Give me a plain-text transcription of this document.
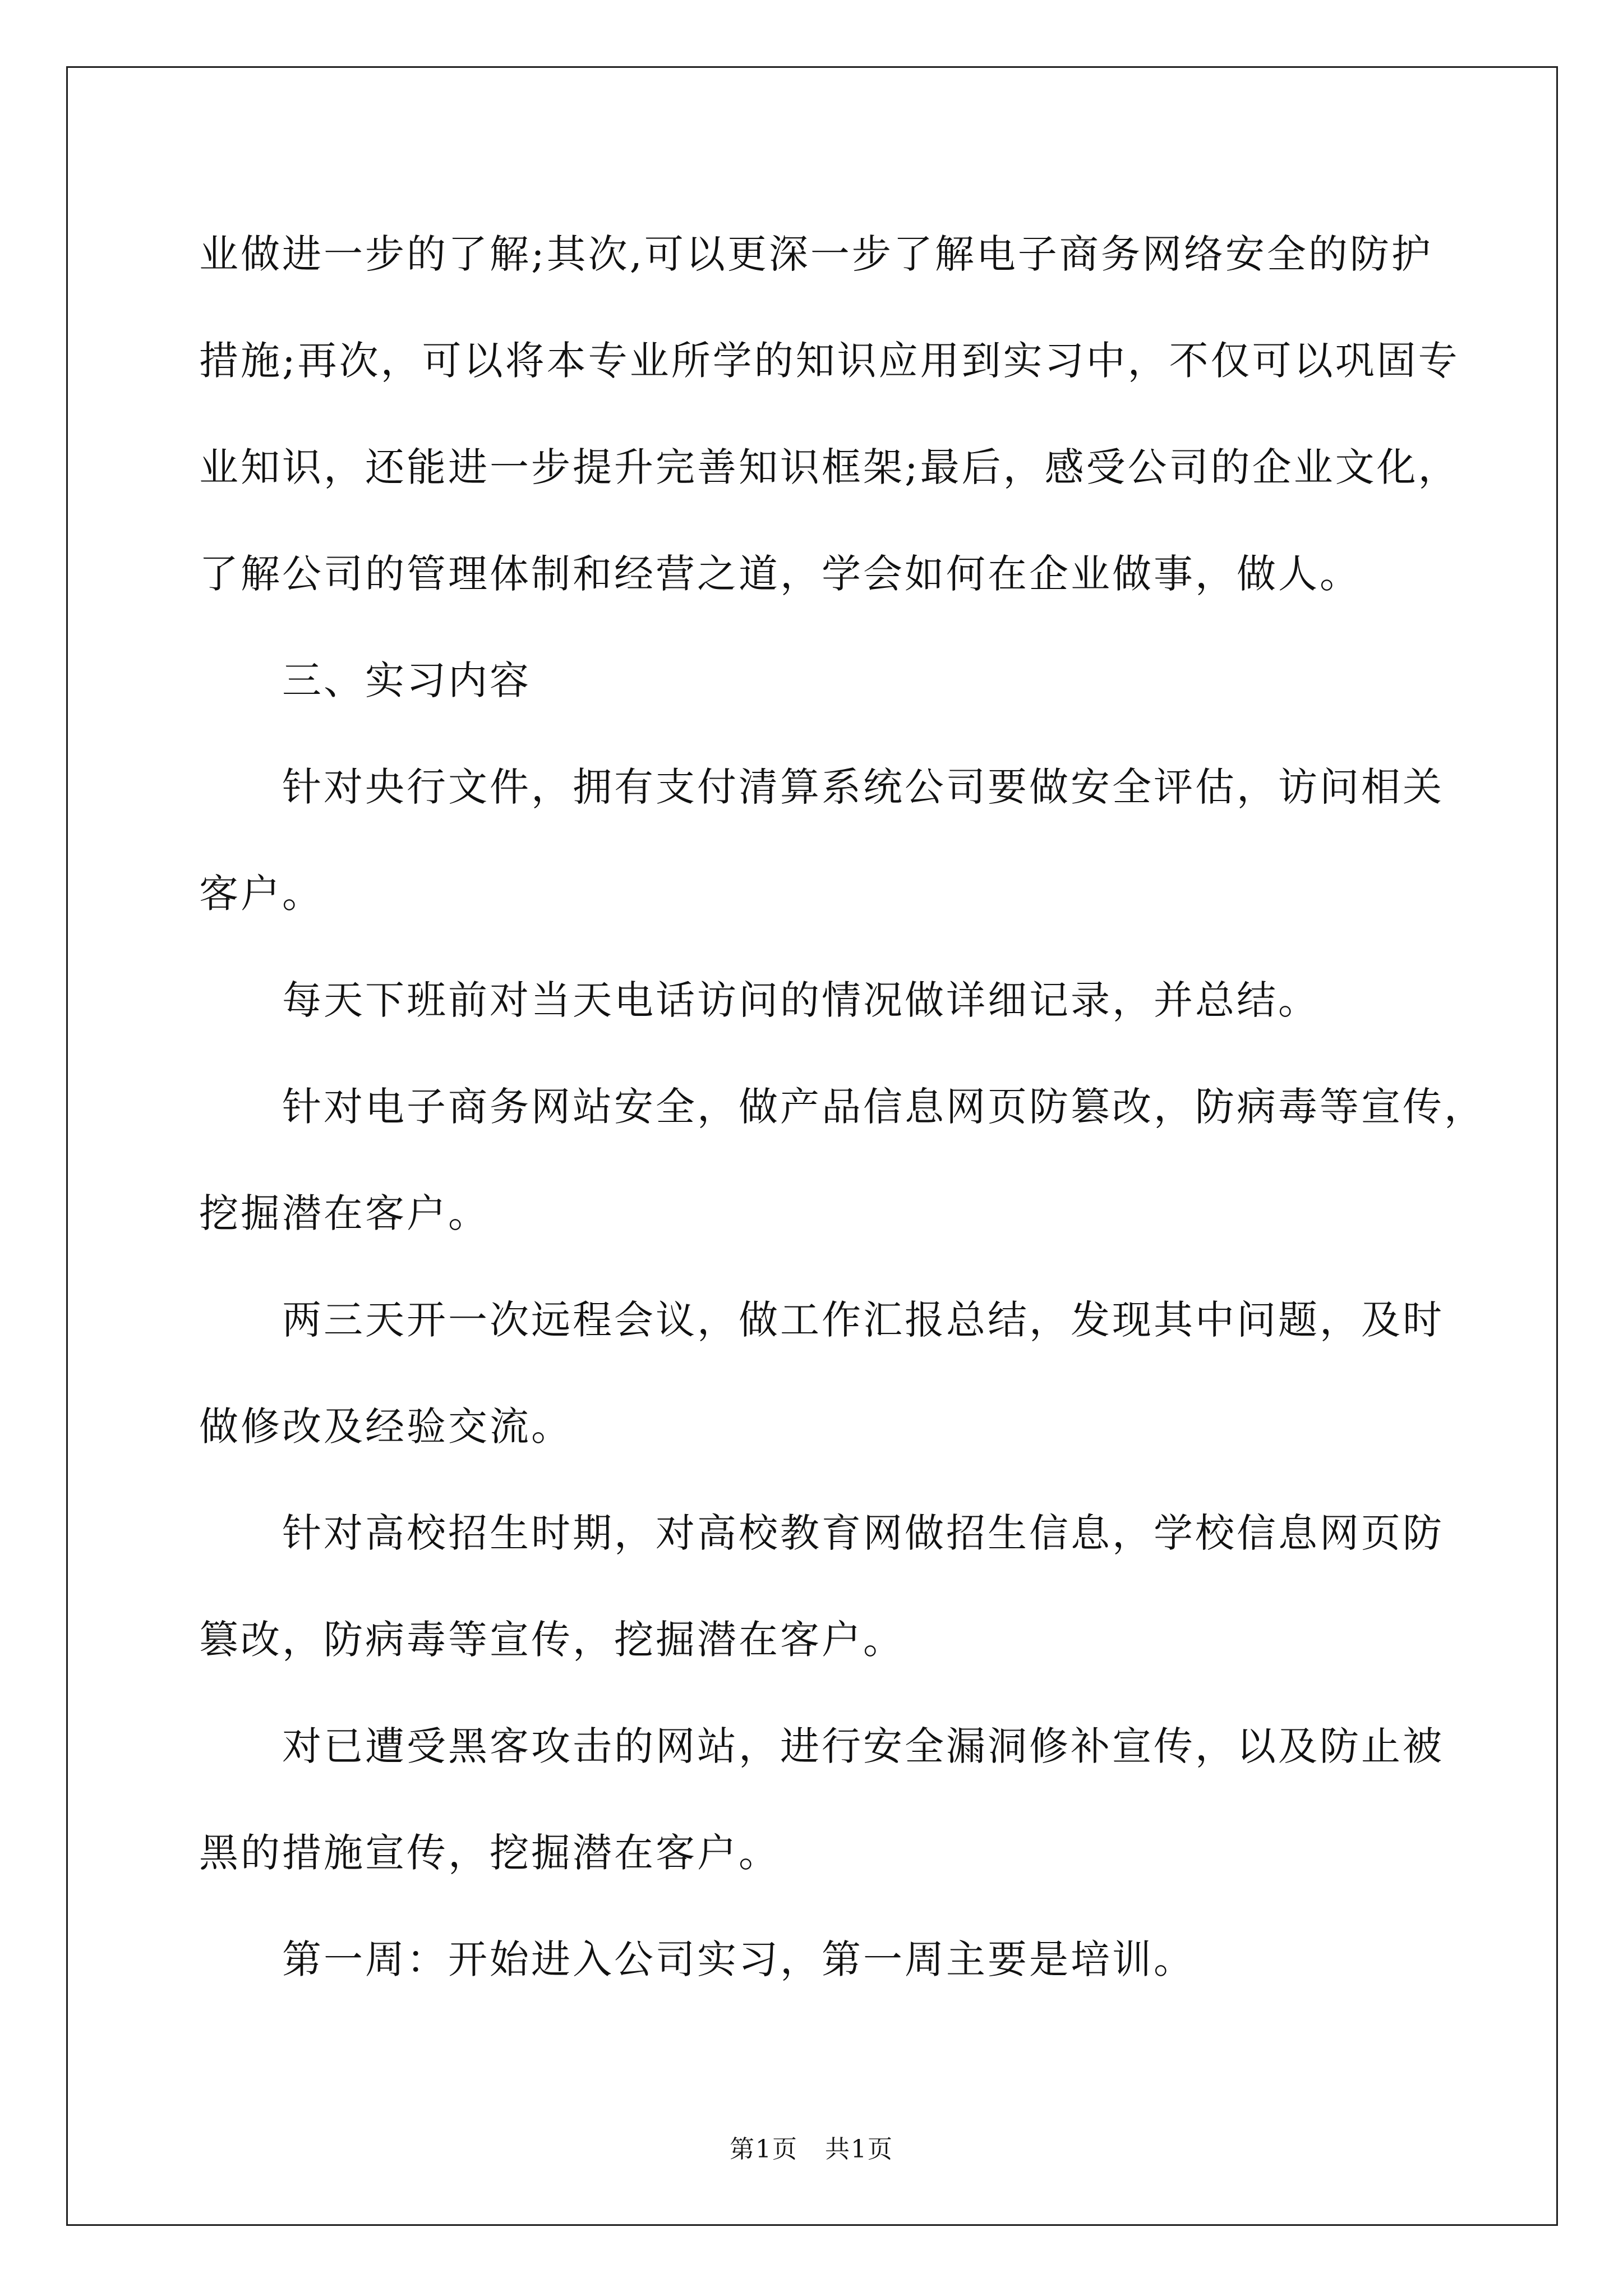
业做进一步的了解;其次,可以更深一步了解电子商务网络安全的防护

措施;再次，可以将本专业所学的知识应用到实习中，不仅可以巩固专

业知识，还能进一步提升完善知识框架;最后，感受公司的企业文化，

了解公司的管理体制和经营之道，学会如何在企业做事，做人。

三、实习内容

针对央行文件，拥有支付清算系统公司要做安全评估，访问相关

客户。

每天下班前对当天电话访问的情况做详细记录，并总结。

针对电子商务网站安全，做产品信息网页防篡改，防病毒等宣传，

挖掘潜在客户。

两三天开一次远程会议，做工作汇报总结，发现其中问题，及时

做修改及经验交流。

针对高校招生时期，对高校教育网做招生信息，学校信息网页防

篡改，防病毒等宣传，挖掘潜在客户。

对已遭受黑客攻击的网站，进行安全漏洞修补宣传，以及防止被

黑的措施宣传，挖掘潜在客户。

第一周：开始进入公司实习，第一周主要是培训。

第1页   共1页
